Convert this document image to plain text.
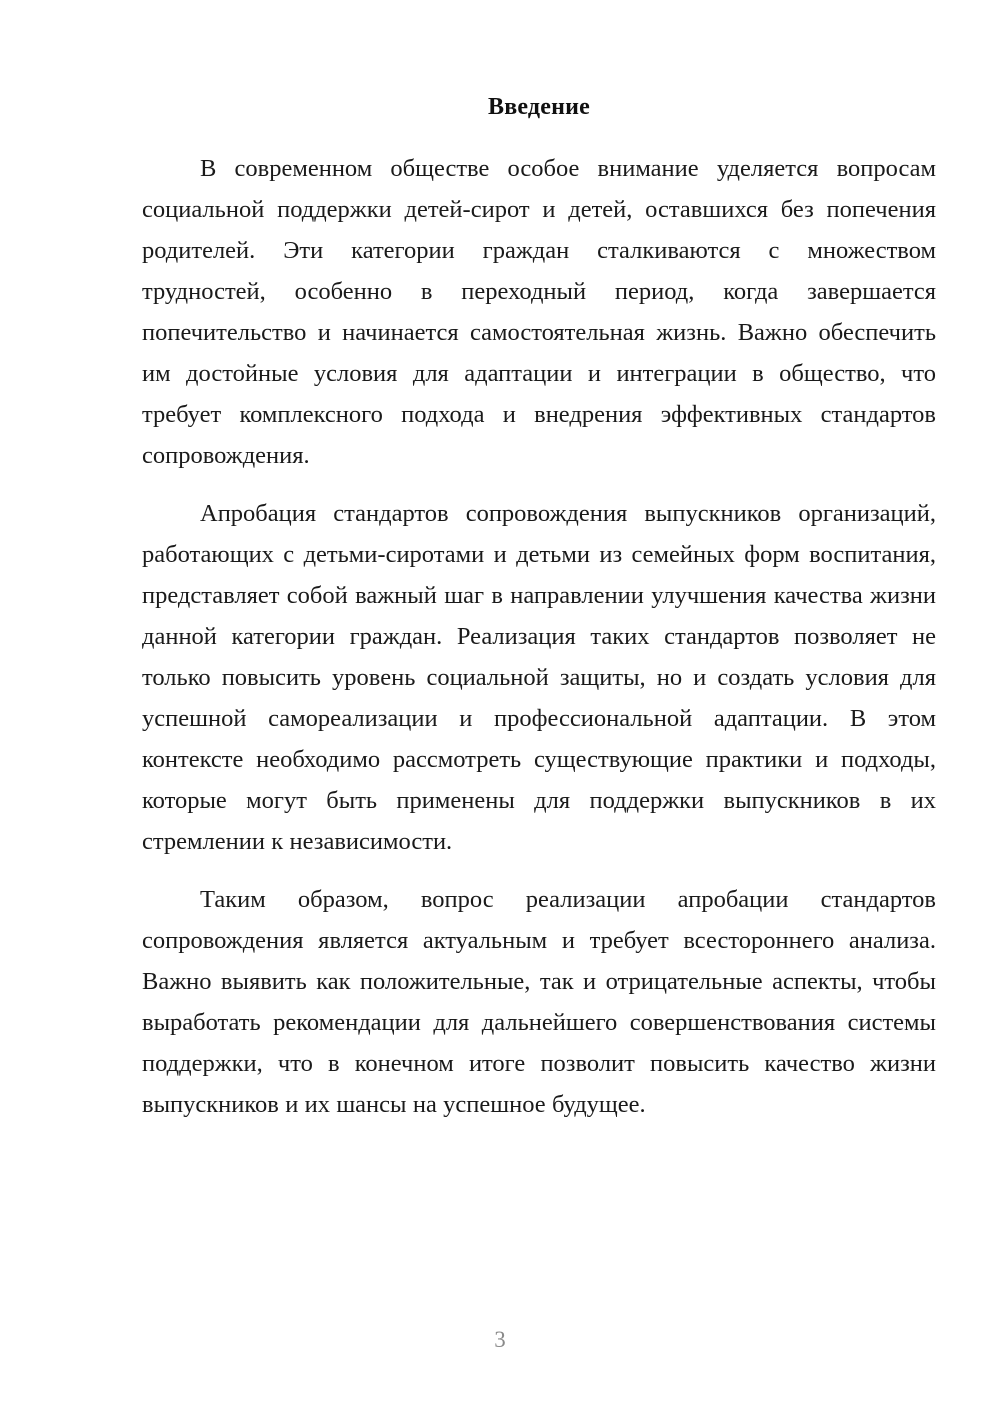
Введение

В современном обществе особое внимание уделяется вопросам социальной поддержки детей-сирот и детей, оставшихся без попечения родителей. Эти категории граждан сталкиваются с множеством трудностей, особенно в переходный период, когда завершается попечительство и начинается самостоятельная жизнь. Важно обеспечить им достойные условия для адаптации и интеграции в общество, что требует комплексного подхода и внедрения эффективных стандартов сопровождения.

Апробация стандартов сопровождения выпускников организаций, работающих с детьми-сиротами и детьми из семейных форм воспитания, представляет собой важный шаг в направлении улучшения качества жизни данной категории граждан. Реализация таких стандартов позволяет не только повысить уровень социальной защиты, но и создать условия для успешной самореализации и профессиональной адаптации. В этом контексте необходимо рассмотреть существующие практики и подходы, которые могут быть применены для поддержки выпускников в их стремлении к независимости.

Таким образом, вопрос реализации апробации стандартов сопровождения является актуальным и требует всестороннего анализа. Важно выявить как положительные, так и отрицательные аспекты, чтобы выработать рекомендации для дальнейшего совершенствования системы поддержки, что в конечном итоге позволит повысить качество жизни выпускников и их шансы на успешное будущее.

3
